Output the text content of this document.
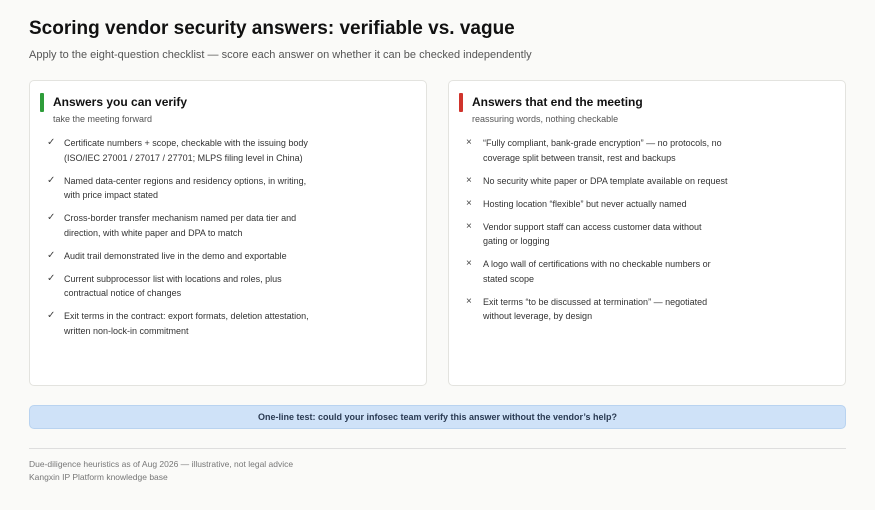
Scoring vendor security answers: verifiable vs. vague
Apply to the eight-question checklist — score each answer on whether it can be checked independently
Answers you can verify
take the meeting forward
✓ Certificate numbers + scope, checkable with the issuing body (ISO/IEC 27001 / 27017 / 27701; MLPS filing level in China)
✓ Named data-center regions and residency options, in writing, with price impact stated
✓ Cross-border transfer mechanism named per data tier and direction, with white paper and DPA to match
✓ Audit trail demonstrated live in the demo and exportable
✓ Current subprocessor list with locations and roles, plus contractual notice of changes
✓ Exit terms in the contract: export formats, deletion attestation, written non-lock-in commitment
Answers that end the meeting
reassuring words, nothing checkable
×	“Fully compliant, bank-grade encryption” — no protocols, no coverage split between transit, rest and backups
×	No security white paper or DPA template available on request
×	Hosting location “flexible” but never actually named
×	Vendor support staff can access customer data without gating or logging
×	A logo wall of certifications with no checkable numbers or stated scope
×	Exit terms “to be discussed at termination” — negotiated without leverage, by design
One-line test: could your infosec team verify this answer without the vendor’s help?
Due-diligence heuristics as of Aug 2026 — illustrative, not legal advice
Kangxin IP Platform knowledge base
